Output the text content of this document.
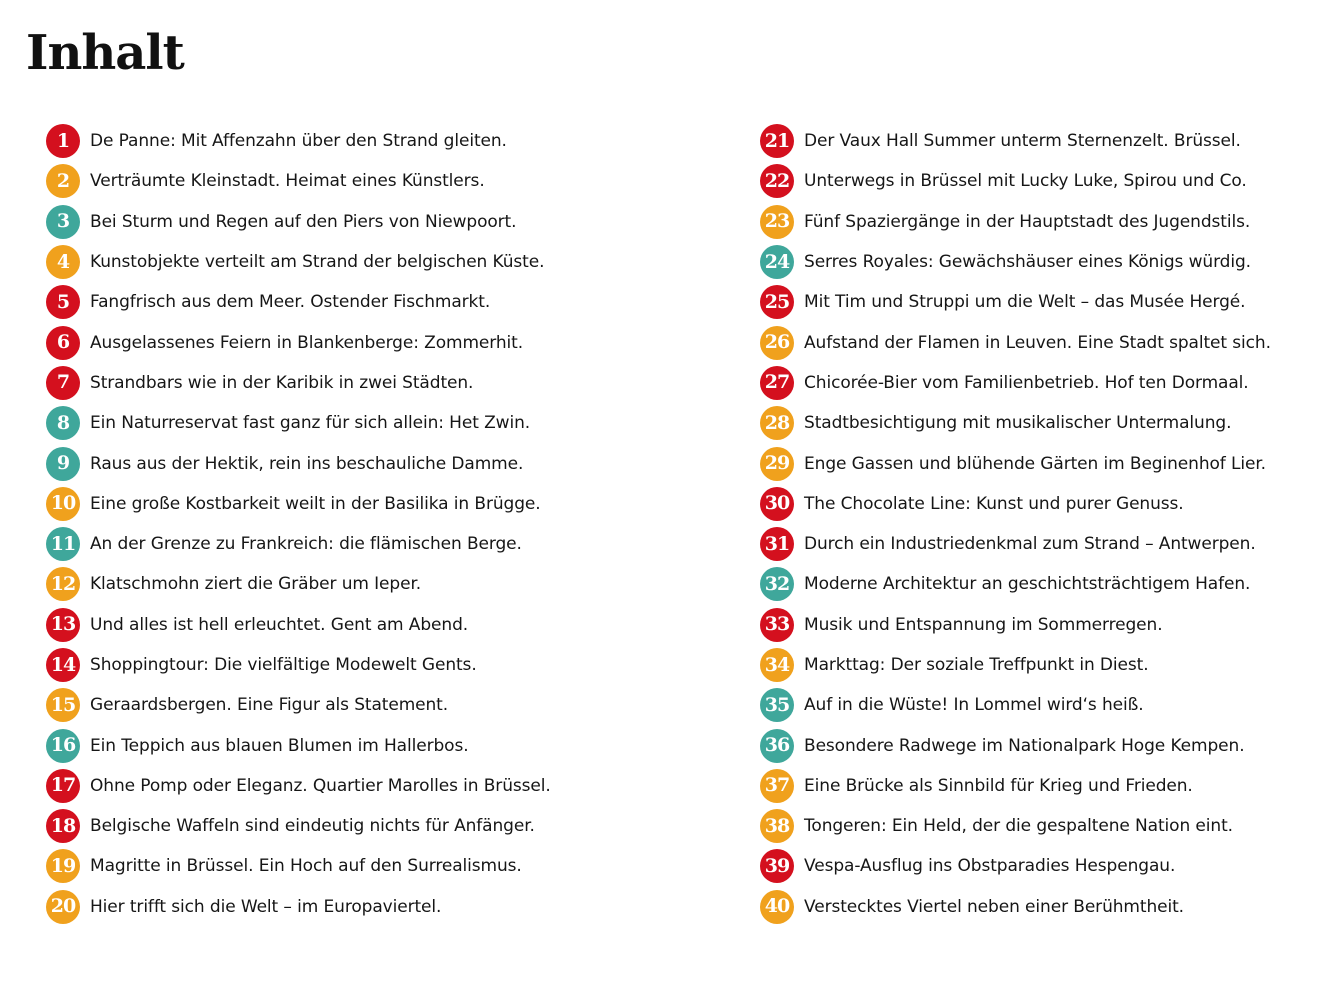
Inhalt
1	De Panne: Mit Affenzahn über den Strand gleiten.
2	Verträumte Kleinstadt. Heimat eines Künstlers.
3	Bei Sturm und Regen auf den Piers von Niewpoort.
4	Kunstobjekte verteilt am Strand der belgischen Küste.
5	Fangfrisch aus dem Meer. Ostender Fischmarkt.
6	Ausgelassenes Feiern in Blankenberge: Zommerhit.
7	Strandbars wie in der Karibik in zwei Städten.
8	Ein Naturreservat fast ganz für sich allein: Het Zwin.
9	Raus aus der Hektik, rein ins beschauliche Damme.
10 Eine große Kostbarkeit weilt in der Basilika in Brügge.
11 An der Grenze zu Frankreich: die flämischen Berge.
12 Klatschmohn ziert die Gräber um Ieper.
13 Und alles ist hell erleuchtet. Gent am Abend.
14 Shoppingtour: Die vielfältige Modewelt Gents.
15 Geraardsbergen. Eine Figur als Statement.
16 Ein Teppich aus blauen Blumen im Hallerbos.
17 Ohne Pomp oder Eleganz. Quartier Marolles in Brüssel.
18 Belgische Waffeln sind eindeutig nichts für Anfänger.
19 Magritte in Brüssel. Ein Hoch auf den Surrealismus.
20 Hier trifft sich die Welt – im Europaviertel.
21 Der Vaux Hall Summer unterm Sternenzelt. Brüssel.
22 Unterwegs in Brüssel mit Lucky Luke, Spirou und Co.
23 Fünf Spaziergänge in der Hauptstadt des Jugendstils.
24 Serres Royales: Gewächshäuser eines Königs würdig.
25 Mit Tim und Struppi um die Welt – das Musée Hergé.
26 Aufstand der Flamen in Leuven. Eine Stadt spaltet sich.
27 Chicorée-Bier vom Familienbetrieb. Hof ten Dormaal.
28 Stadtbesichtigung mit musikalischer Untermalung.
29 Enge Gassen und blühende Gärten im Beginenhof Lier.
30 The Chocolate Line: Kunst und purer Genuss.
31 Durch ein Industriedenkmal zum Strand – Antwerpen.
32 Moderne Architektur an geschichtsträchtigem Hafen.
33 Musik und Entspannung im Sommerregen.
34 Markttag: Der soziale Treffpunkt in Diest.
35 Auf in die Wüste! In Lommel wird‘s heiß.
36 Besondere Radwege im Nationalpark Hoge Kempen.
37 Eine Brücke als Sinnbild für Krieg und Frieden.
38 Tongeren: Ein Held, der die gespaltene Nation eint.
39 Vespa-Ausflug ins Obstparadies Hespengau.
40 Verstecktes Viertel neben einer Berühmtheit.
